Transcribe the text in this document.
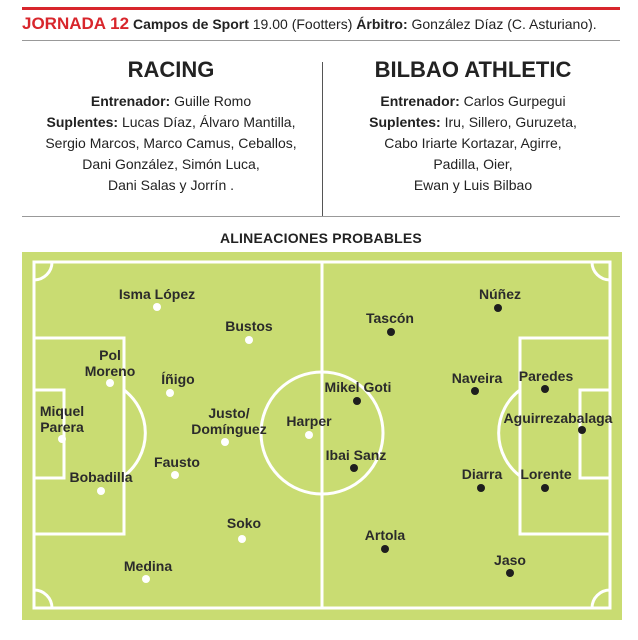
JORNADA 12 Campos de Sport 19.00 (Footters) Árbitro: González Díaz (C. Asturiano).
RACING
Entrenador: Guille Romo
Suplentes: Lucas Díaz, Álvaro Mantilla,
Sergio Marcos, Marco Camus, Ceballos,
Dani González, Simón Luca,
Dani Salas y Jorrín .
BILBAO ATHLETIC
Entrenador: Carlos Gurpegui
Suplentes: Iru, Sillero, Guruzeta,
Cabo Iriarte Kortazar, Agirre,
Padilla, Oier,
Ewan y Luis Bilbao
ALINEACIONES PROBABLES
Isma López
Bustos
Pol
Moreno Íñigo
Miquel
Parera
Justo/
Domínguez
Fausto
Bobadilla
Soko
Medina
Harper
Núñez
Tascón
Naveira Paredes
Mikel Goti
Aguirrezabalaga
Ibai Sanz
Diarra Lorente
Artola
Jaso
